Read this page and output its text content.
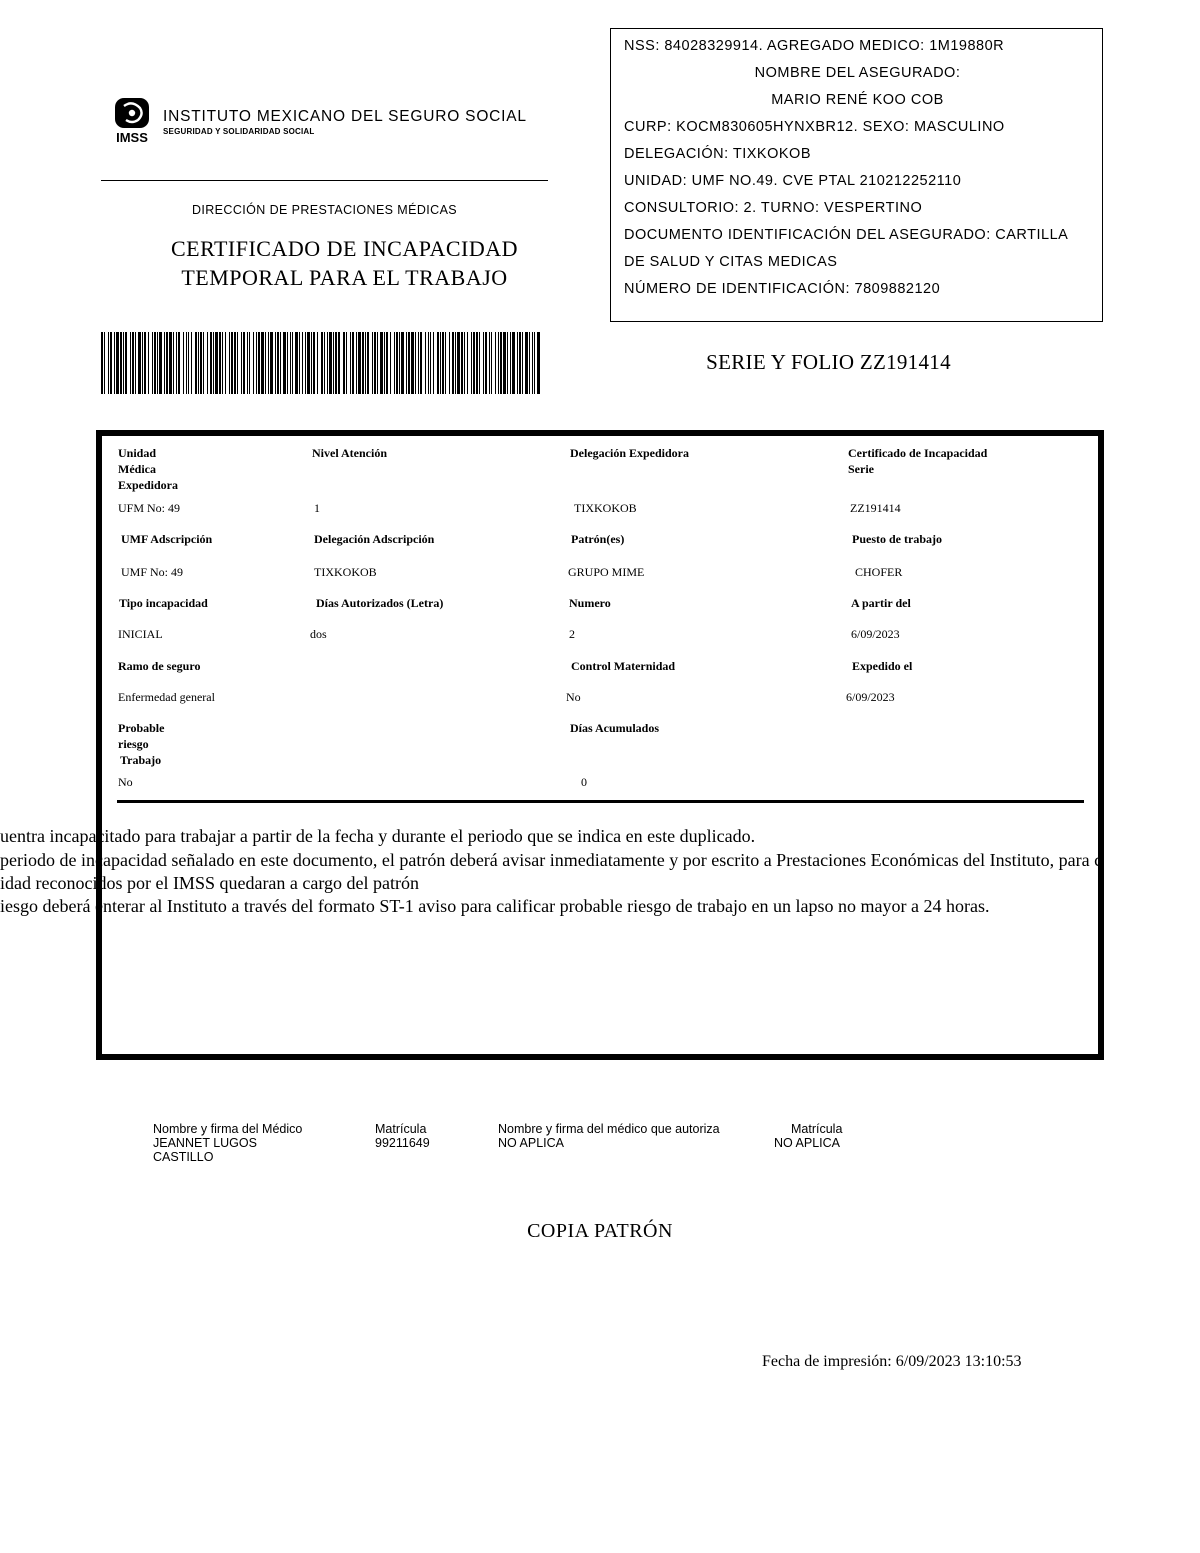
IMSS
INSTITUTO MEXICANO DEL SEGURO SOCIAL
SEGURIDAD Y SOLIDARIDAD SOCIAL
DIRECCIÓN DE PRESTACIONES MÉDICAS
CERTIFICADO DE INCAPACIDAD
TEMPORAL PARA EL TRABAJO
NSS: 84028329914. AGREGADO MEDICO: 1M19880R
NOMBRE DEL ASEGURADO:
MARIO RENÉ KOO COB
CURP: KOCM830605HYNXBR12. SEXO: MASCULINO
DELEGACIÓN: TIXKOKOB
UNIDAD: UMF NO.49. CVE PTAL 210212252110
CONSULTORIO: 2. TURNO: VESPERTINO
DOCUMENTO IDENTIFICACIÓN DEL ASEGURADO: CARTILLA
DE SALUD Y CITAS MEDICAS
NÚMERO DE IDENTIFICACIÓN: 7809882120
SERIE Y FOLIO ZZ191414
Unidad
Médica
Expedidora
UFM No: 49
Nivel Atención
1
Delegación Expedidora
TIXKOKOB
Certificado de Incapacidad
Serie
ZZ191414
UMF Adscripción
UMF No: 49
Delegación Adscripción
TIXKOKOB
Patrón(es)
GRUPO MIME
Puesto de trabajo
CHOFER
Tipo incapacidad
INICIAL
Días Autorizados (Letra)
dos
Numero
2
A partir del
6/09/2023
Ramo de seguro
Enfermedad general
Control Maternidad
No
Expedido el
6/09/2023
Probable
riesgo
Trabajo
No
Días Acumulados
0
uentra incapacitado para trabajar a partir de la fecha y durante el periodo que se indica en este duplicado.
periodo de incapacidad señalado en este documento, el patrón deberá avisar inmediatamente y por escrito a Prestaciones Económicas del Instituto, para c
idad reconocidos por el IMSS quedaran a cargo del patrón
iesgo deberá enterar al Instituto a través del formato ST-1 aviso para calificar probable riesgo de trabajo en un lapso no mayor a 24 horas.
Nombre y firma del Médico
JEANNET LUGOS
CASTILLO
Matrícula
99211649
Nombre y firma del médico que autoriza
NO APLICA
Matrícula
NO APLICA
COPIA PATRÓN
Fecha de impresión: 6/09/2023 13:10:53
